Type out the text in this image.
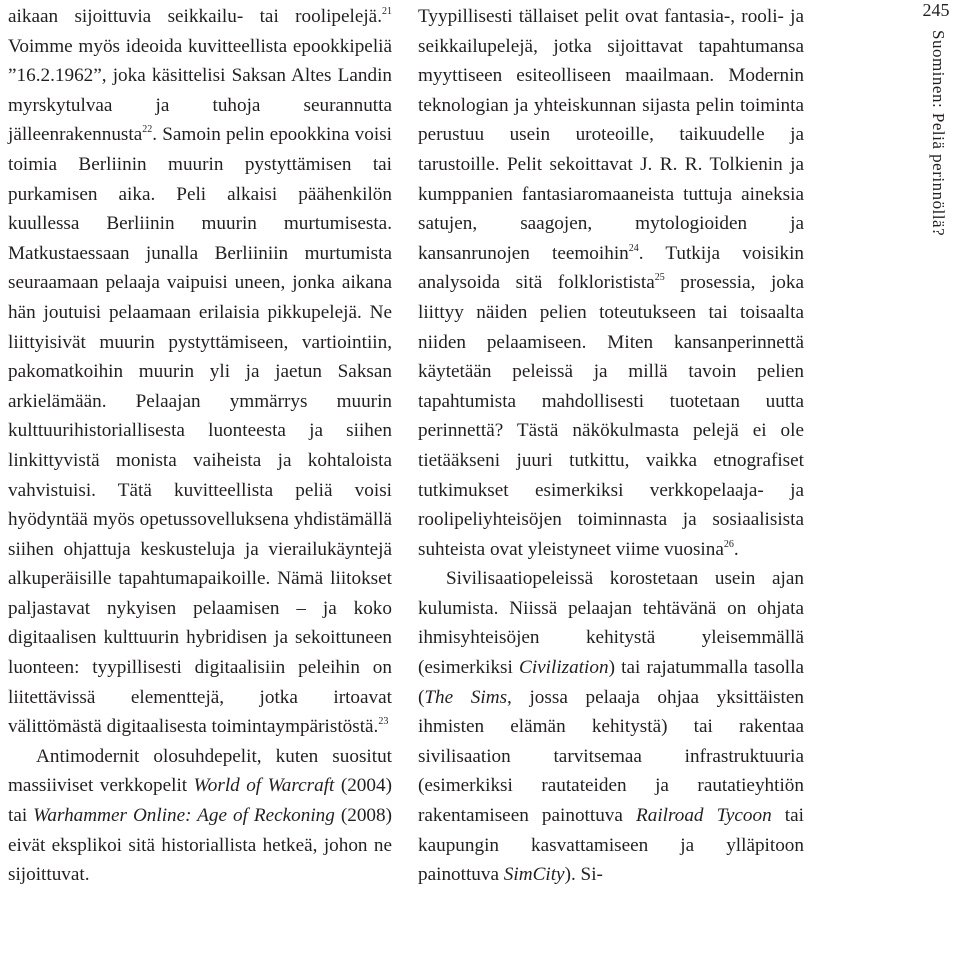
245
Suominen: Peliä perinnöllä?

aikaan sijoittuvia seikkailu- tai roolipelejä.$^{21}$ Voimme myös ideoida kuvitteellista epookkipeliä ”16.2.1962”, joka käsittelisi Saksan Altes Landin myrskytulvaa ja tuhoja seurannutta jälleenrakennusta$^{22}$. Samoin pelin epookkina voisi toimia Berliinin muurin pystyttämisen tai purkamisen aika. Peli alkaisi päähenkilön kuullessa Berliinin muurin murtumisesta. Matkustaessaan junalla Berliiniin murtumista seuraamaan pelaaja vaipuisi uneen, jonka aikana hän joutuisi pelaamaan erilaisia pikkupelejä. Ne liittyisivät muurin pystyttämiseen, vartiointiin, pakomatkoihin muurin yli ja jaetun Saksan arkielämään. Pelaajan ymmärrys muurin kulttuurihistoriallisesta luonteesta ja siihen linkittyvistä monista vaiheista ja kohtaloista vahvistuisi. Tätä kuvitteellista peliä voisi hyödyntää myös opetussovelluksena yhdistämällä siihen ohjattuja keskusteluja ja vierailukäyntejä alkuperäisille tapahtumapaikoille. Nämä liitokset paljastavat nykyisen pelaamisen – ja koko digitaalisen kulttuurin hybridisen ja sekoittuneen luonteen: tyypillisesti digitaalisiin peleihin on liitettävissä elementtejä, jotka irtoavat välittömästä digitaalisesta toimintaympäristöstä.$^{23}$

Antimodernit olosuhdepelit, kuten suositut massiiviset verkkopelit World of Warcraft (2004) tai Warhammer Online: Age of Reckoning (2008) eivät eksplikoi sitä historiallista hetkeä, johon ne sijoittuvat.

Tyypillisesti tällaiset pelit ovat fantasia-, rooli- ja seikkailupelejä, jotka sijoittavat tapahtumansa myyttiseen esiteolliseen maailmaan. Modernin teknologian ja yhteiskunnan sijasta pelin toiminta perustuu usein uroteoille, taikuudelle ja tarustoille. Pelit sekoittavat J. R. R. Tolkienin ja kumppanien fantasiaromaaneista tuttuja aineksia satujen, saagojen, mytologioiden ja kansanrunojen teemoihin$^{24}$. Tutkija voisikin analysoida sitä folkloristista$^{25}$ prosessia, joka liittyy näiden pelien toteutukseen tai toisaalta niiden pelaamiseen. Miten kansanperinnettä käytetään peleissä ja millä tavoin pelien tapahtumista mahdollisesti tuotetaan uutta perinnettä? Tästä näkökulmasta pelejä ei ole tietääkseni juuri tutkittu, vaikka etnografiset tutkimukset esimerkiksi verkkopelaaja- ja roolipeliyhteisöjen toiminnasta ja sosiaalisista suhteista ovat yleistyneet viime vuosina$^{26}$.

Sivilisaatiopeleissä korostetaan usein ajan kulumista. Niissä pelaajan tehtävänä on ohjata ihmisyhteisöjen kehitystä yleisemmällä (esimerkiksi Civilization) tai rajatummalla tasolla (The Sims, jossa pelaaja ohjaa yksittäisten ihmisten elämän kehitystä) tai rakentaa sivilisaation tarvitsemaa infrastruktuuria (esimerkiksi rautateiden ja rautatieyhtiön rakentamiseen painottuva Railroad Tycoon tai kaupungin kasvattamiseen ja ylläpitoon painottuva SimCity). Si-
